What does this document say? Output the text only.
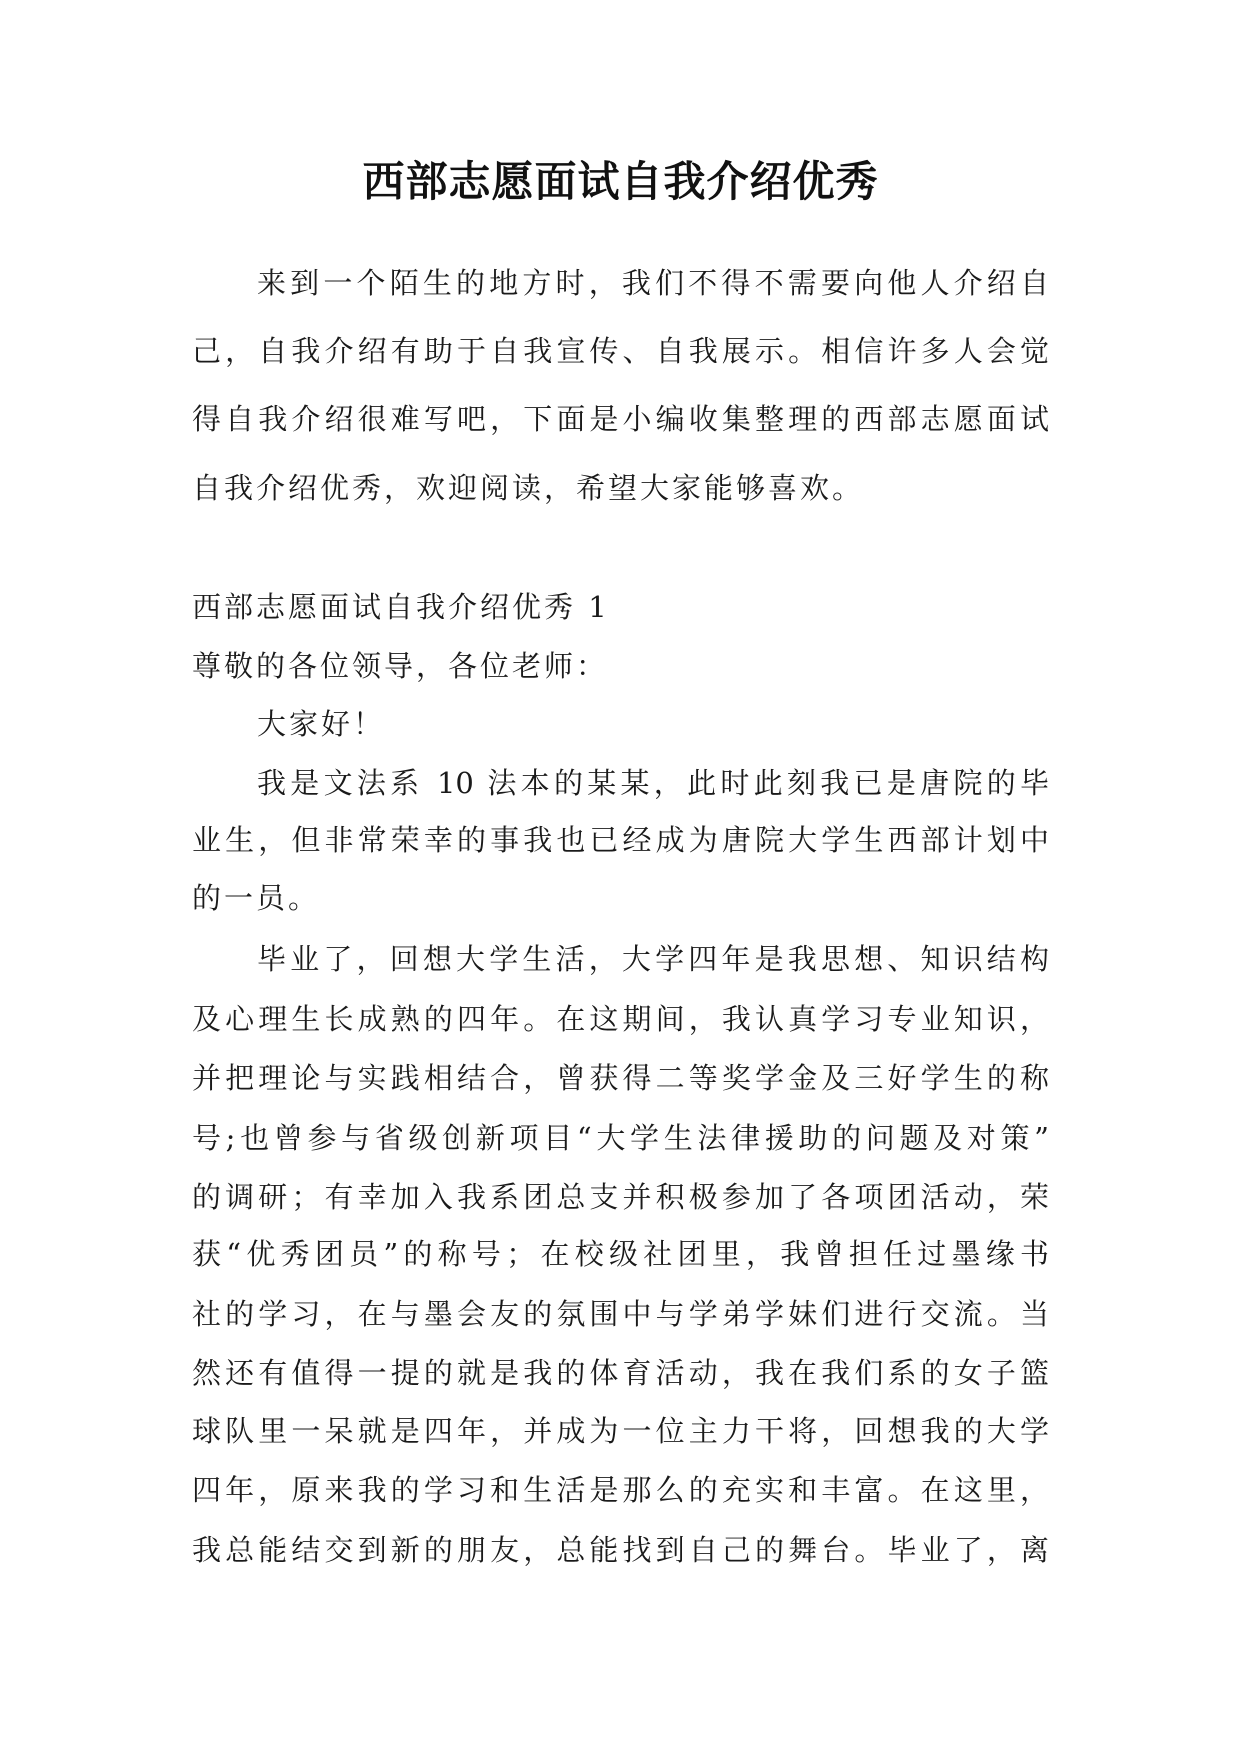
西部志愿面试自我介绍优秀
来到一个陌生的地方时，我们不得不需要向他人介绍自
己，自我介绍有助于自我宣传、自我展示。相信许多人会觉
得自我介绍很难写吧，下面是小编收集整理的西部志愿面试
自我介绍优秀，欢迎阅读，希望大家能够喜欢。
西部志愿面试自我介绍优秀 1
尊敬的各位领导，各位老师：
大家好！
我是文法系 10 法本的某某，此时此刻我已是唐院的毕
业生，但非常荣幸的事我也已经成为唐院大学生西部计划中
的一员。
毕业了，回想大学生活，大学四年是我思想、知识结构
及心理生长成熟的四年。在这期间，我认真学习专业知识，
并把理论与实践相结合，曾获得二等奖学金及三好学生的称
号;也曾参与省级创新项目“大学生法律援助的问题及对策”
的调研；有幸加入我系团总支并积极参加了各项团活动，荣
获“优秀团员”的称号；在校级社团里，我曾担任过墨缘书
社的学习，在与墨会友的氛围中与学弟学妹们进行交流。当
然还有值得一提的就是我的体育活动，我在我们系的女子篮
球队里一呆就是四年，并成为一位主力干将，回想我的大学
四年，原来我的学习和生活是那么的充实和丰富。在这里，
我总能结交到新的朋友，总能找到自己的舞台。毕业了，离
